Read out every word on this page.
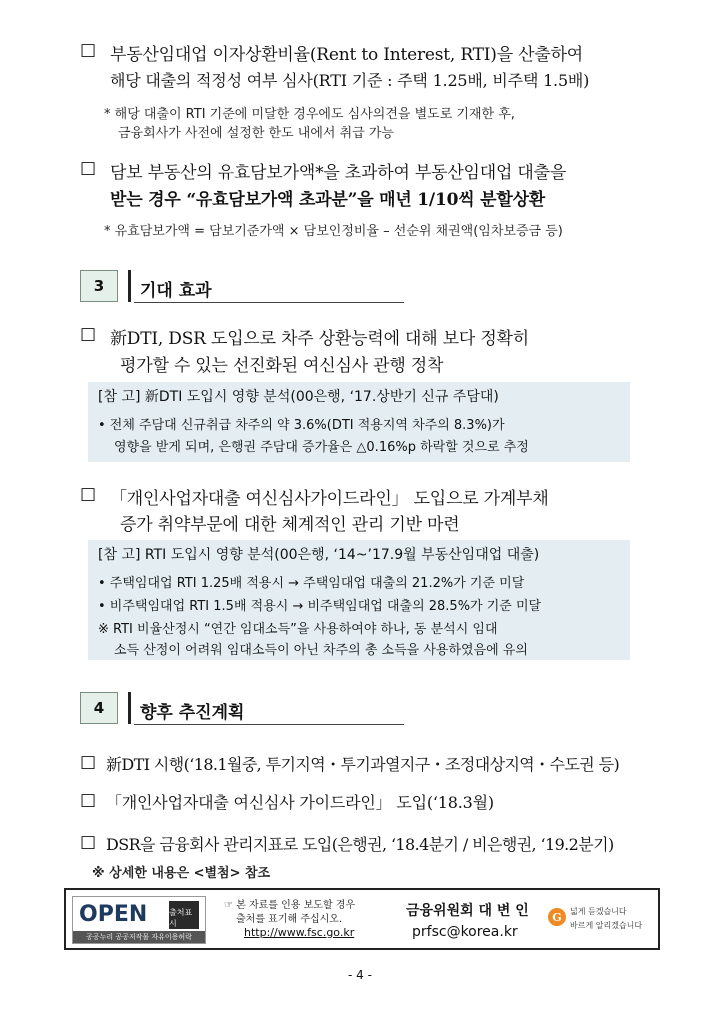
□ 부동산임대업 이자상환비율(Rent to Interest, RTI)을 산출하여
해당 대출의 적정성 여부 심사(RTI 기준 : 주택 1.25배, 비주택 1.5배)
* 해당 대출이 RTI 기준에 미달한 경우에도 심사의견을 별도로 기재한 후,
금융회사가 사전에 설정한 한도 내에서 취급 가능
□ 담보 부동산의 유효담보가액*을 초과하여 부동산임대업 대출을
받는 경우 “유효담보가액 초과분”을 매년 1/10씩 분할상환
* 유효담보가액 = 담보기준가액 × 담보인정비율 – 선순위 채권액(임차보증금 등)
3	기대 효과
□ 新DTI, DSR 도입으로 차주 상환능력에 대해 보다 정확히
평가할 수 있는 선진화된 여신심사 관행 정착
[참 고] 新DTI 도입시 영향 분석(00은행, ‘17.상반기 신규 주담대)
• 전체 주담대 신규취급 차주의 약 3.6%(DTI 적용지역 차주의 8.3%)가
영향을 받게 되며, 은행권 주담대 증가율은 △0.16%p 하락할 것으로 추정
□ 「개인사업자대출 여신심사가이드라인」 도입으로 가계부채
증가 취약부문에 대한 체계적인 관리 기반 마련
[참 고] RTI 도입시 영향 분석(00은행, ‘14~’17.9월 부동산임대업 대출)
• 주택임대업 RTI 1.25배 적용시 → 주택임대업 대출의 21.2%가 기준 미달
• 비주택임대업 RTI 1.5배 적용시 → 비주택임대업 대출의 28.5%가 기준 미달
※ RTI 비율산정시 “연간 임대소득”을 사용하여야 하나, 동 분석시 임대
소득 산정이 어려워 임대소득이 아닌 차주의 총 소득을 사용하였음에 유의
4	향후 추진계획
□ 新DTI 시행(‘18.1월중, 투기지역・투기과열지구・조정대상지역・수도권 등)
□ 「개인사업자대출 여신심사 가이드라인」 도입(‘18.3월)
□ DSR을 금융회사 관리지표로 도입(은행권, ‘18.4분기 / 비은행권, ‘19.2분기)
※ 상세한 내용은 <별첨> 참조
OPEN	출처표시
공공누리 공공저작물 자유이용허락
☞ 본 자료를 인용 보도할 경우
출처를 표기해 주십시오.
http://www.fsc.go.kr
금융위원회 대 변 인
prfsc@korea.kr
G	넓게 듣겠습니다
바르게 알리겠습니다
- 4 -
